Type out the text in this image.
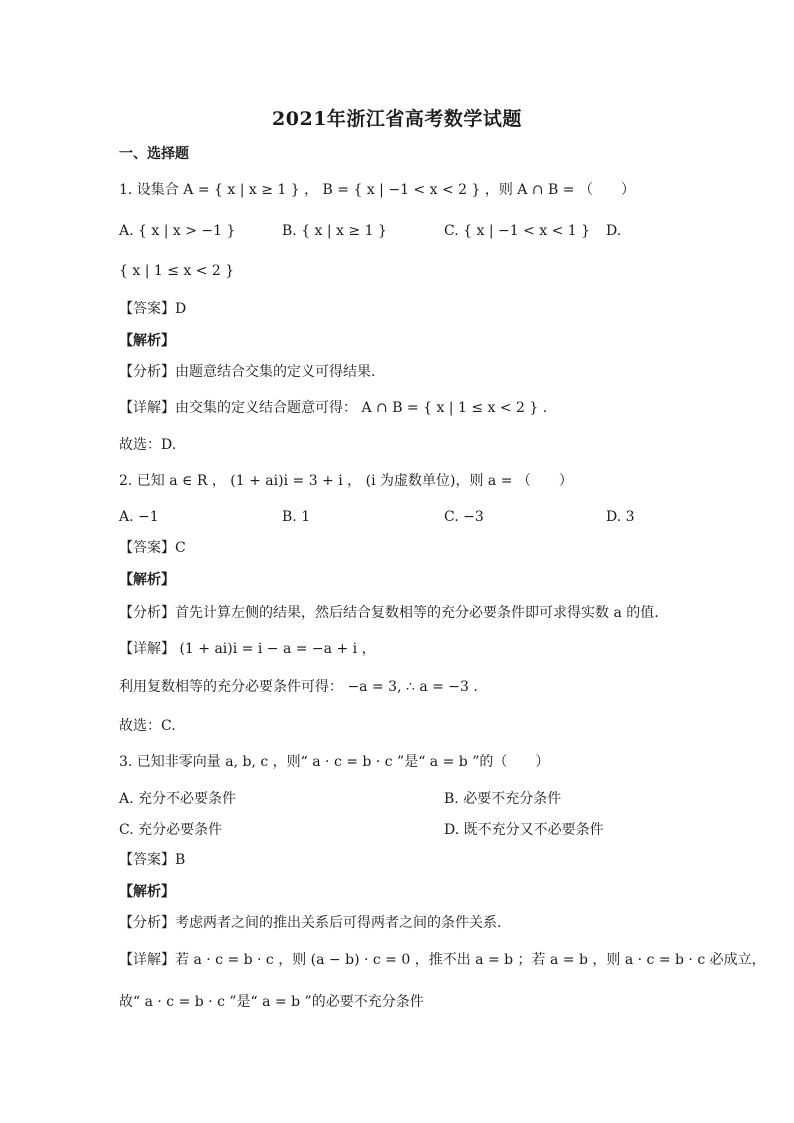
2021年浙江省高考数学试题
一、选择题
1. 设集合 A = { x | x ≥ 1 } ， B = { x | −1 < x < 2 } ，则 A ∩ B = （　　）
A. { x | x > −1 }	B. { x | x ≥ 1 }	C. { x | −1 < x < 1 } D.
{ x | 1 ≤ x < 2 }
【答案】D
【解析】
【分析】由题意结合交集的定义可得结果.
【详解】由交集的定义结合题意可得： A ∩ B = { x | 1 ≤ x < 2 } .
故选：D.
2. 已知 a ∈ R ， (1 + ai)i = 3 + i ， (i 为虚数单位)，则 a = （　　）
A. −1	B. 1	C. −3	D. 3
【答案】C
【解析】
【分析】首先计算左侧的结果，然后结合复数相等的充分必要条件即可求得实数 a 的值.
【详解】 (1 + ai)i = i − a = −a + i ，
利用复数相等的充分必要条件可得： −a = 3, ∴ a = −3 .
故选：C.
3. 已知非零向量 a, b, c ，则“ a · c = b · c ”是“ a = b ”的（　　）
A. 充分不必要条件	B. 必要不充分条件
C. 充分必要条件	D. 既不充分又不必要条件
【答案】B
【解析】
【分析】考虑两者之间的推出关系后可得两者之间的条件关系.
【详解】若 a · c = b · c ，则 (a − b) · c = 0 ，推不出 a = b ；若 a = b ，则 a · c = b · c 必成立，
故“ a · c = b · c ”是“ a = b ”的必要不充分条件
